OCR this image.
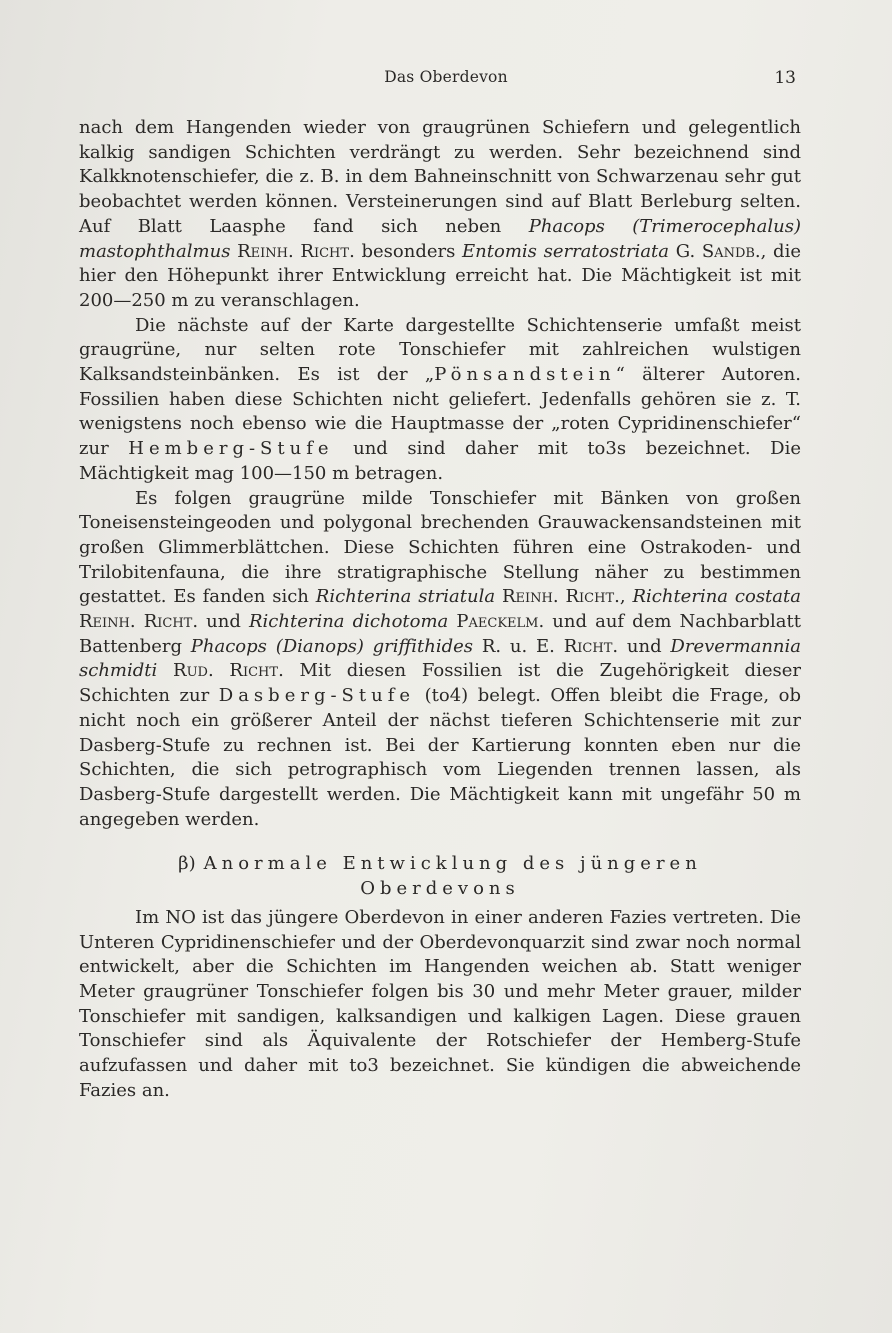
Das Oberdevon	13

nach dem Hangenden wieder von graugrünen Schiefern und gelegentlich kalkig sandigen Schichten verdrängt zu werden. Sehr bezeichnend sind Kalkknotenschiefer, die z. B. in dem Bahneinschnitt von Schwarzenau sehr gut beobachtet werden können. Versteinerungen sind auf Blatt Berleburg selten. Auf Blatt Laasphe fand sich neben Phacops (Trimerocephalus) mastophthalmus Reinh. Richt. besonders Entomis serratostriata G. Sandb., die hier den Höhepunkt ihrer Entwicklung erreicht hat. Die Mächtigkeit ist mit 200—250 m zu veranschlagen.

Die nächste auf der Karte dargestellte Schichtenserie umfaßt meist graugrüne, nur selten rote Tonschiefer mit zahlreichen wulstigen Kalksandsteinbänken. Es ist der „Pönsandstein“ älterer Autoren. Fossilien haben diese Schichten nicht geliefert. Jedenfalls gehören sie z. T. wenigstens noch ebenso wie die Hauptmasse der „roten Cypridinenschiefer“ zur Hemberg-Stufe und sind daher mit to3s bezeichnet. Die Mächtigkeit mag 100—150 m betragen.

Es folgen graugrüne milde Tonschiefer mit Bänken von großen Toneisensteingeoden und polygonal brechenden Grauwackensandsteinen mit großen Glimmerblättchen. Diese Schichten führen eine Ostrakoden- und Trilobitenfauna, die ihre stratigraphische Stellung näher zu bestimmen gestattet. Es fanden sich Richterina striatula Reinh. Richt., Richterina costata Reinh. Richt. und Richterina dichotoma Paeckelm. und auf dem Nachbarblatt Battenberg Phacops (Dianops) griffithides R. u. E. Richt. und Drevermannia schmidti Rud. Richt. Mit diesen Fossilien ist die Zugehörigkeit dieser Schichten zur Dasberg-Stufe (to4) belegt. Offen bleibt die Frage, ob nicht noch ein größerer Anteil der nächst tieferen Schichtenserie mit zur Dasberg-Stufe zu rechnen ist. Bei der Kartierung konnten eben nur die Schichten, die sich petrographisch vom Liegenden trennen lassen, als Dasberg-Stufe dargestellt werden. Die Mächtigkeit kann mit ungefähr 50 m angegeben werden.

β) Anormale Entwicklung des jüngeren
Oberdevons

Im NO ist das jüngere Oberdevon in einer anderen Fazies vertreten. Die Unteren Cypridinenschiefer und der Oberdevonquarzit sind zwar noch normal entwickelt, aber die Schichten im Hangenden weichen ab. Statt weniger Meter graugrüner Tonschiefer folgen bis 30 und mehr Meter grauer, milder Tonschiefer mit sandigen, kalksandigen und kalkigen Lagen. Diese grauen Tonschiefer sind als Äquivalente der Rotschiefer der Hemberg-Stufe aufzufassen und daher mit to3 bezeichnet. Sie kündigen die abweichende Fazies an.
